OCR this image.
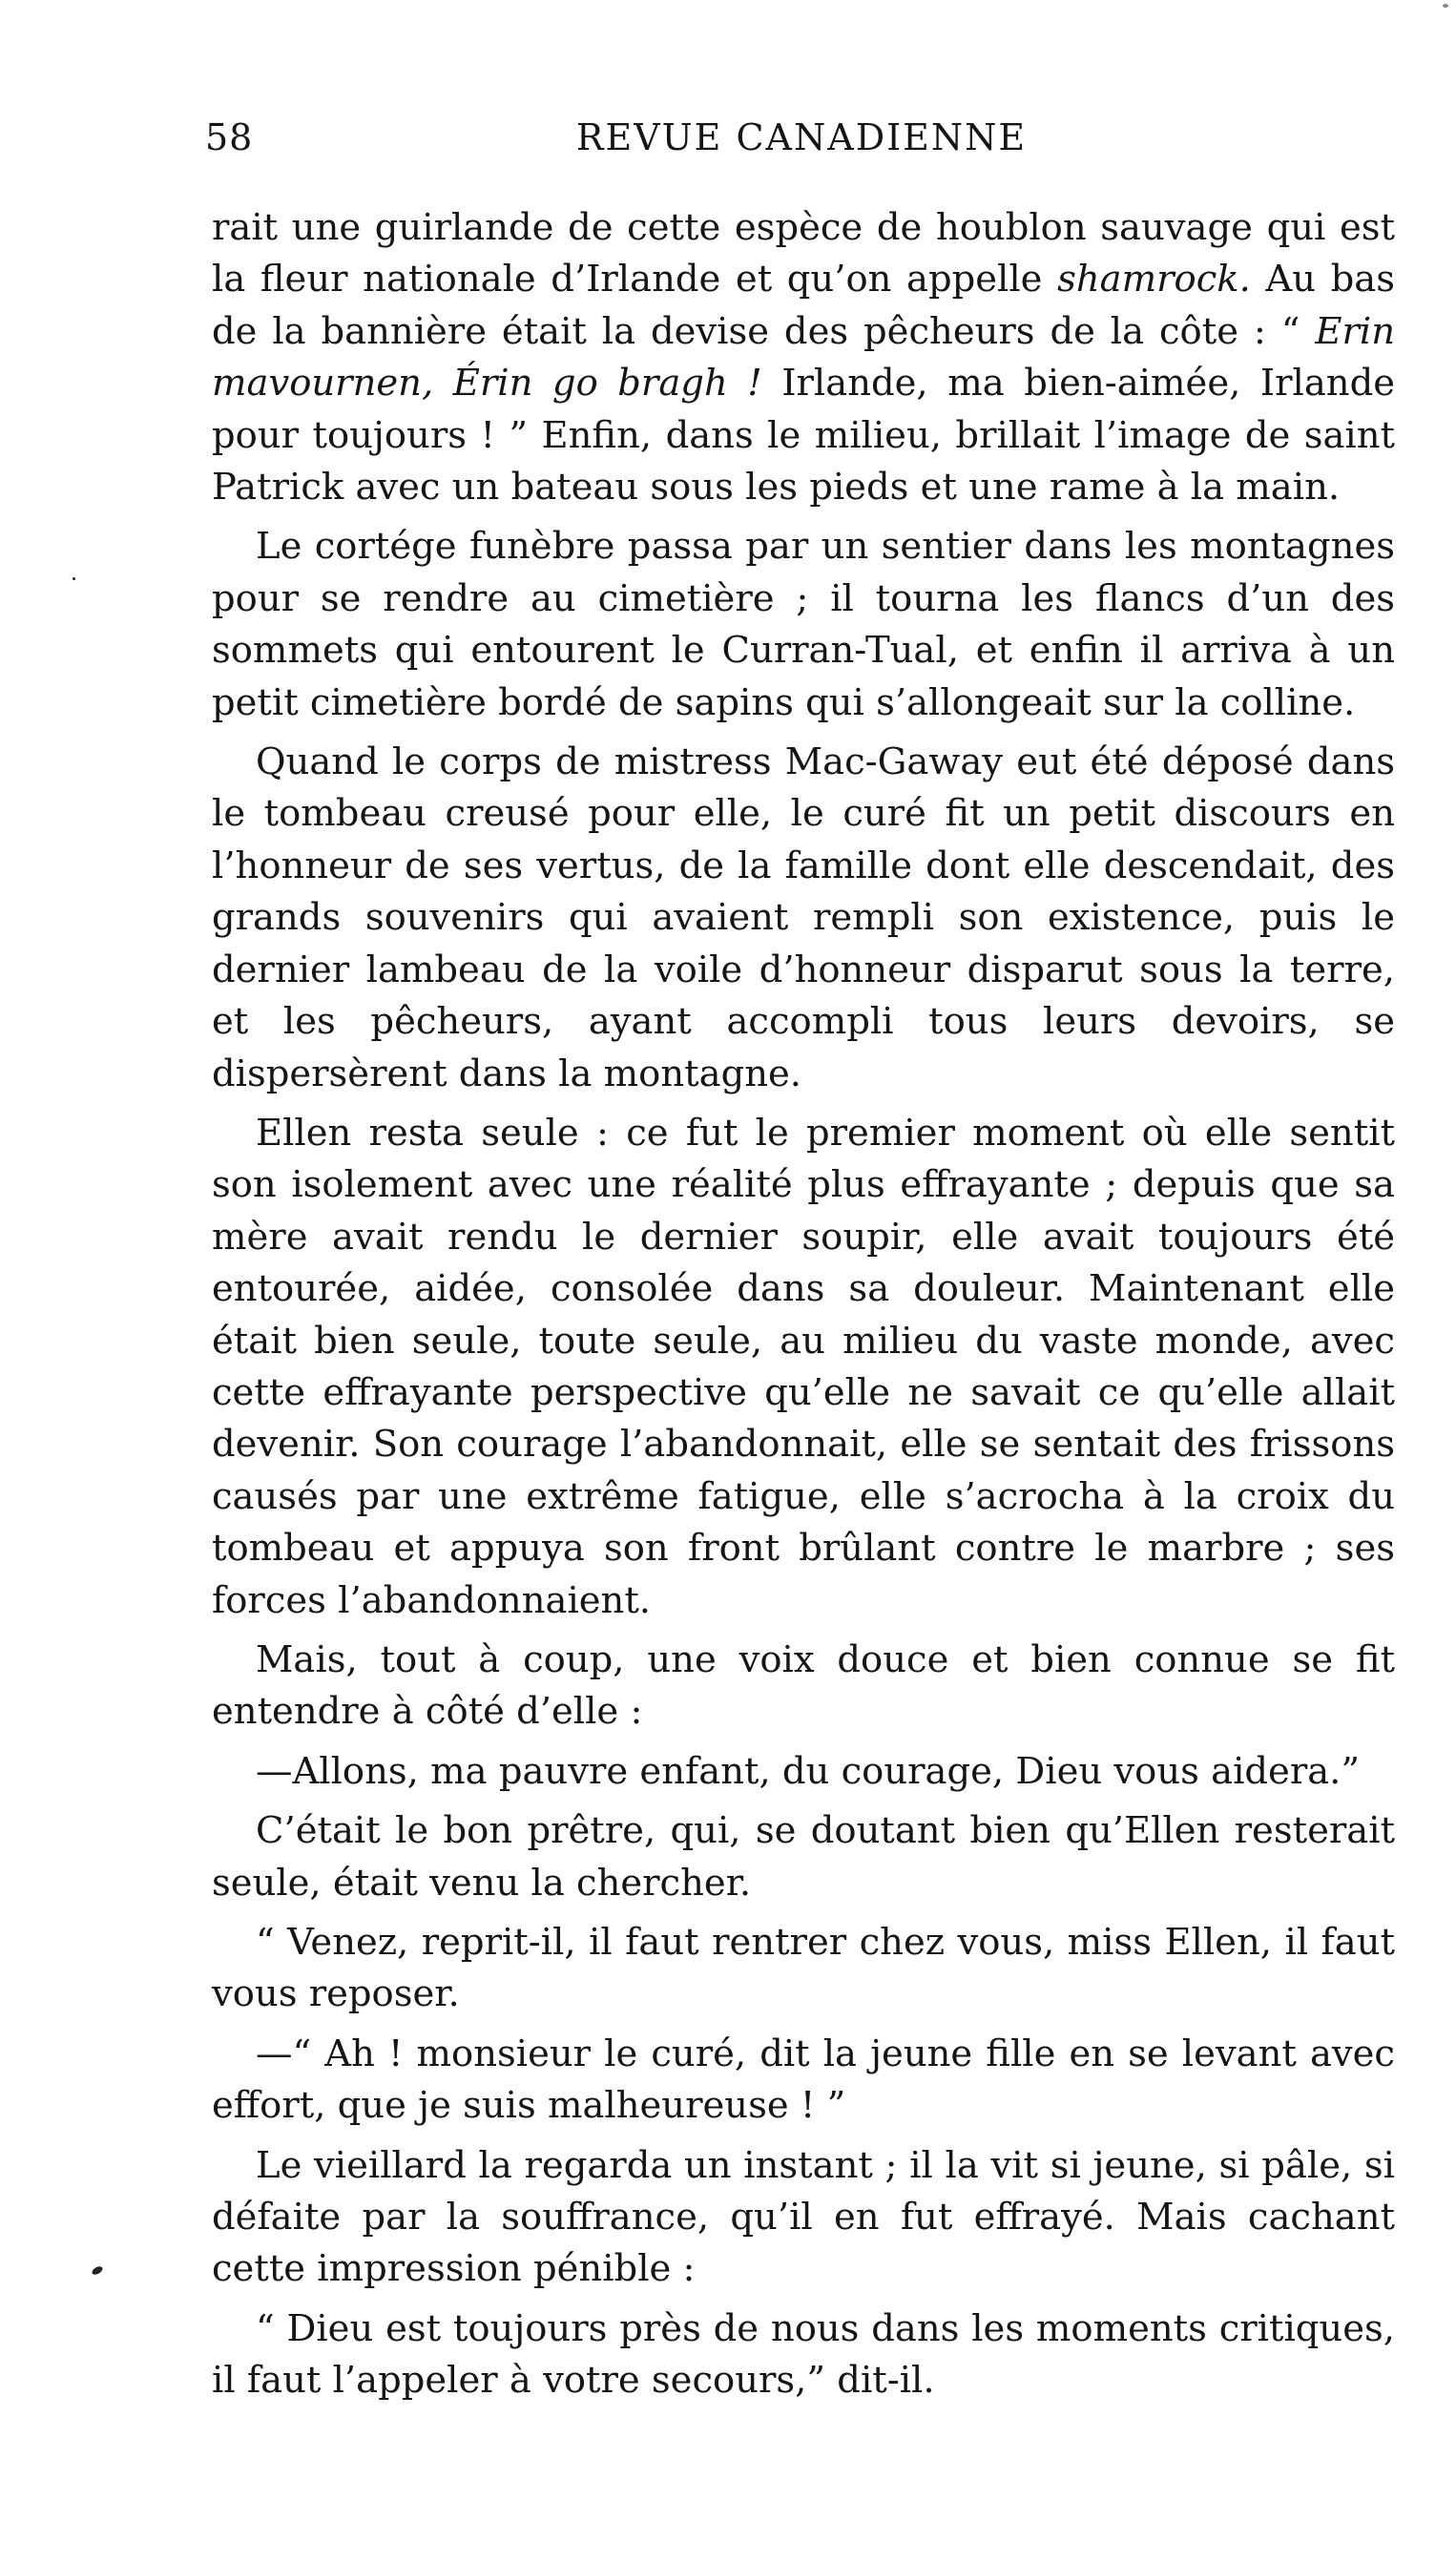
58	REVUE CANADIENNE

rait une guirlande de cette espèce de houblon sauvage qui est la fleur nationale d’Irlande et qu’on appelle shamrock. Au bas de la bannière était la devise des pêcheurs de la côte : “ Erin mavournen, Érin go bragh ! Irlande, ma bien-aimée, Irlande pour toujours ! ” Enfin, dans le milieu, brillait l’image de saint Patrick avec un bateau sous les pieds et une rame à la main.

Le cortége funèbre passa par un sentier dans les montagnes pour se rendre au cimetière ; il tourna les flancs d’un des sommets qui entourent le Curran-Tual, et enfin il arriva à un petit cimetière bordé de sapins qui s’allongeait sur la colline.

Quand le corps de mistress Mac-Gaway eut été déposé dans le tombeau creusé pour elle, le curé fit un petit discours en l’honneur de ses vertus, de la famille dont elle descendait, des grands souvenirs qui avaient rempli son existence, puis le dernier lambeau de la voile d’honneur disparut sous la terre, et les pêcheurs, ayant accompli tous leurs devoirs, se dispersèrent dans la montagne.

Ellen resta seule : ce fut le premier moment où elle sentit son isolement avec une réalité plus effrayante ; depuis que sa mère avait rendu le dernier soupir, elle avait toujours été entourée, aidée, consolée dans sa douleur. Maintenant elle était bien seule, toute seule, au milieu du vaste monde, avec cette effrayante perspective qu’elle ne savait ce qu’elle allait devenir. Son courage l’abandonnait, elle se sentait des frissons causés par une extrême fatigue, elle s’acrocha à la croix du tombeau et appuya son front brûlant contre le marbre ; ses forces l’abandonnaient.

Mais, tout à coup, une voix douce et bien connue se fit entendre à côté d’elle :

—Allons, ma pauvre enfant, du courage, Dieu vous aidera.”

C’était le bon prêtre, qui, se doutant bien qu’Ellen resterait seule, était venu la chercher.

“ Venez, reprit-il, il faut rentrer chez vous, miss Ellen, il faut vous reposer.

—“ Ah ! monsieur le curé, dit la jeune fille en se levant avec effort, que je suis malheureuse ! ”

Le vieillard la regarda un instant ; il la vit si jeune, si pâle, si défaite par la souffrance, qu’il en fut effrayé. Mais cachant cette impression pénible :

“ Dieu est toujours près de nous dans les moments critiques, il faut l’appeler à votre secours,” dit-il.
